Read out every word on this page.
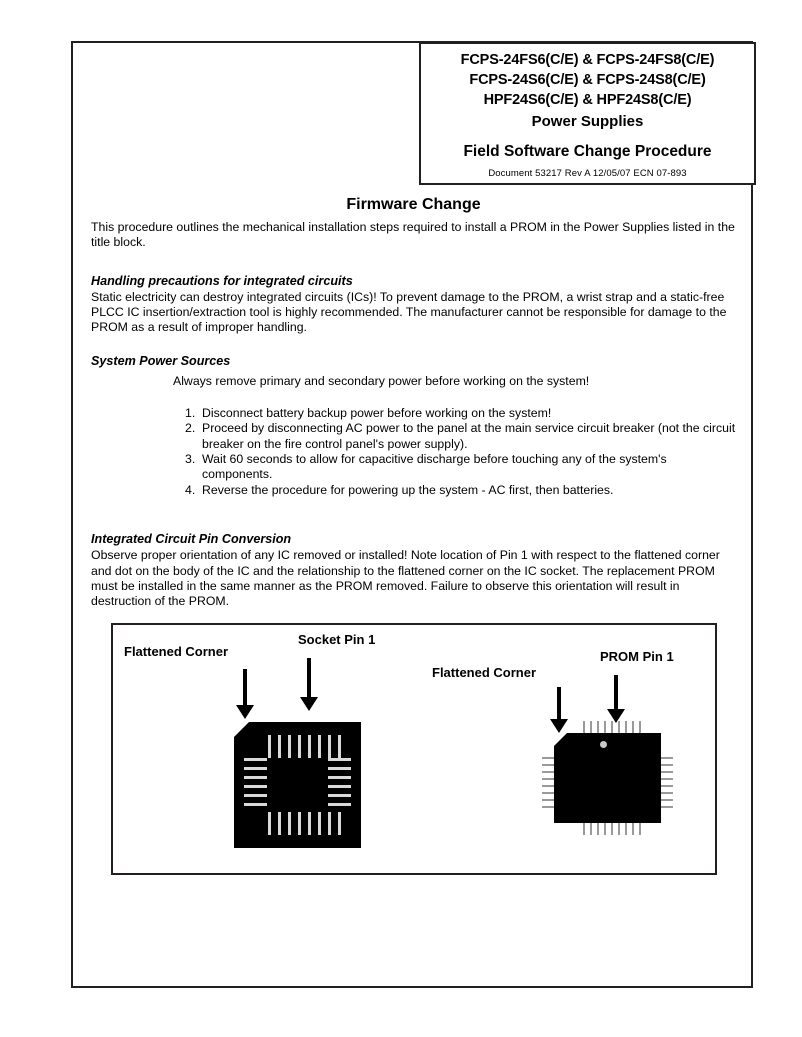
FCPS-24FS6(C/E) & FCPS-24FS8(C/E)
FCPS-24S6(C/E) & FCPS-24S8(C/E)
HPF24S6(C/E) & HPF24S8(C/E)
Power Supplies
Field Software Change Procedure
Document 53217 Rev A 12/05/07 ECN 07-893
Firmware Change

This procedure outlines the mechanical installation steps required to install a PROM in the Power Supplies listed in the title block.

Handling precautions for integrated circuits

Static electricity can destroy integrated circuits (ICs)! To prevent damage to the PROM, a wrist strap and a static-free PLCC IC insertion/extraction tool is highly recommended. The manufacturer cannot be responsible for damage to the PROM as a result of improper handling.

System Power Sources
Always remove primary and secondary power before working on the system!
1. Disconnect battery backup power before working on the system!
2. Proceed by disconnecting AC power to the panel at the main service circuit breaker (not the circuit breaker on the fire control panel's power supply).
3. Wait 60 seconds to allow for capacitive discharge before touching any of the system's components.
4. Reverse the procedure for powering up the system - AC first, then batteries.
Integrated Circuit Pin Conversion

Observe proper orientation of any IC removed or installed! Note location of Pin 1 with respect to the flattened corner and dot on the body of the IC and the relationship to the flattened corner on the IC socket. The replacement PROM must be installed in the same manner as the PROM removed. Failure to observe this orientation will result in destruction of the PROM.

Flattened Corner
Socket Pin 1
Flattened Corner
PROM Pin 1
